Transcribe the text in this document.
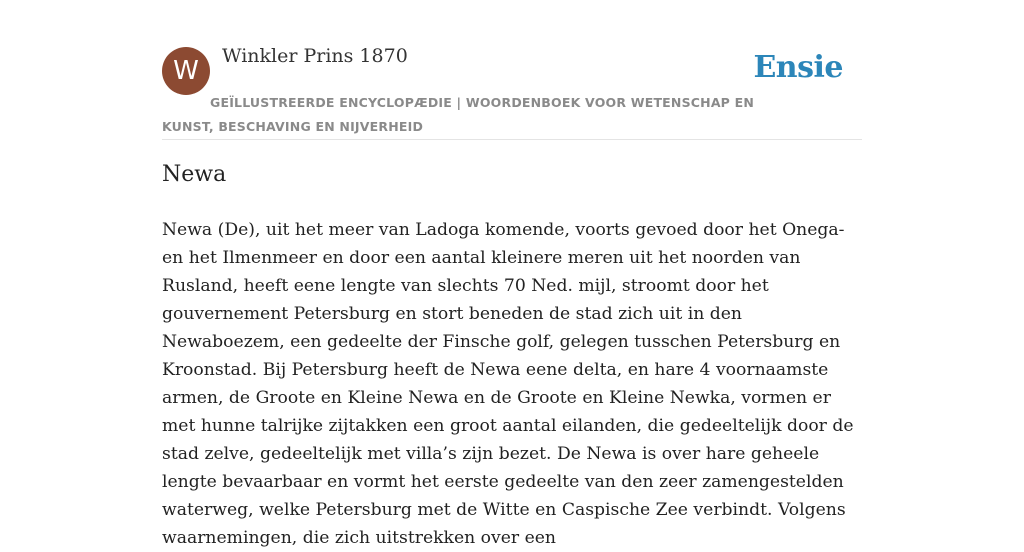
W	Winkler Prins 1870	Ensie
GEÏLLUSTREERDE ENCYCLOPÆDIE | WOORDENBOEK VOOR WETENSCHAP EN KUNST, BESCHAVING EN NIJVERHEID
Newa

Newa (De), uit het meer van Ladoga komende, voorts gevoed door het Onega- en het Ilmenmeer en door een aantal kleinere meren uit het noorden van Rusland, heeft eene lengte van slechts 70 Ned. mijl, stroomt door het gouvernement Petersburg en stort beneden de stad zich uit in den Newaboezem, een gedeelte der Finsche golf, gelegen tusschen Petersburg en Kroonstad. Bij Petersburg heeft de Newa eene delta, en hare 4 voornaamste armen, de Groote en Kleine Newa en de Groote en Kleine Newka, vormen er met hunne talrijke zijtakken een groot aantal eilanden, die gedeeltelijk door de stad zelve, gedeeltelijk met villa’s zijn bezet. De Newa is over hare geheele lengte bevaarbaar en vormt het eerste gedeelte van den zeer zamengestelden waterweg, welke Petersburg met de Witte en Caspische Zee verbindt. Volgens waarnemingen, die zich uitstrekken over een
